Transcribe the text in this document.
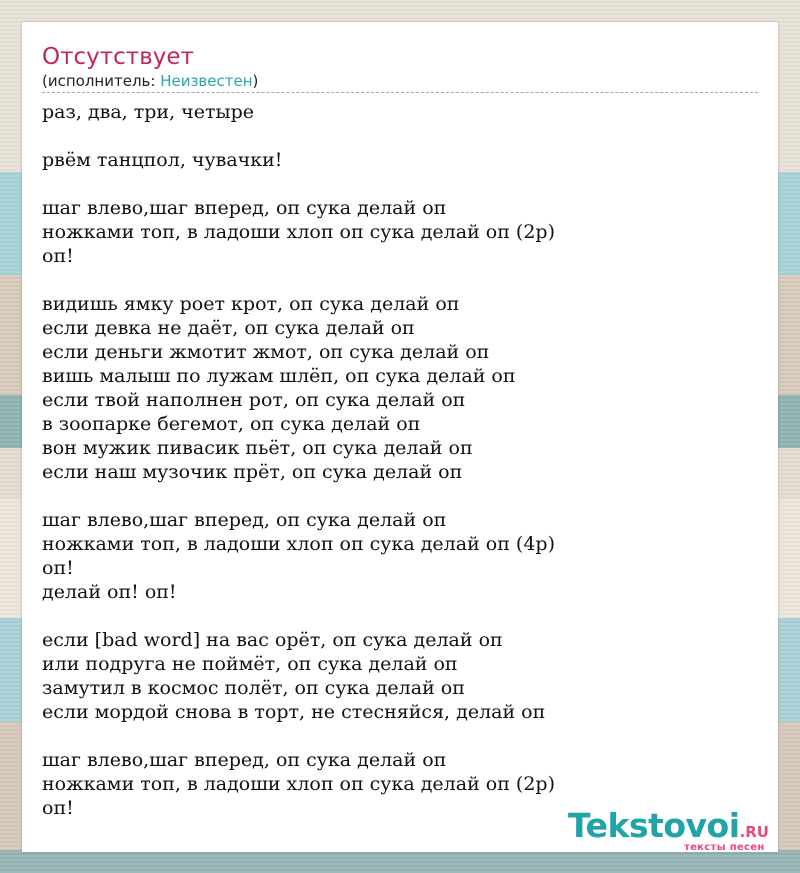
Отсутствует
(исполнитель: Неизвестен)
раз, два, три, четыре
рвём танцпол, чувачки!
шаг влево,шаг вперед, оп сука делай оп
ножками топ, в ладоши хлоп оп сука делай оп (2р)
оп!
видишь ямку роет крот, оп сука делай оп
если девка не даёт, оп сука делай оп
если деньги жмотит жмот, оп сука делай оп
вишь малыш по лужам шлёп, оп сука делай оп
если твой наполнен рот, оп сука делай оп
в зоопарке бегемот, оп сука делай оп
вон мужик пивасик пьёт, оп сука делай оп
если наш музочик прёт, оп сука делай оп
шаг влево,шаг вперед, оп сука делай оп
ножками топ, в ладоши хлоп оп сука делай оп (4р)
оп!
делай оп! оп!
если [bad word] на вас орёт, оп сука делай оп
или подруга не поймёт, оп сука делай оп
замутил в космос полёт, оп сука делай оп
если мордой снова в торт, не стесняйся, делай оп
шаг влево,шаг вперед, оп сука делай оп
ножками топ, в ладоши хлоп оп сука делай оп (2р)
оп!	Tekstovoi.RU
тексты песен
